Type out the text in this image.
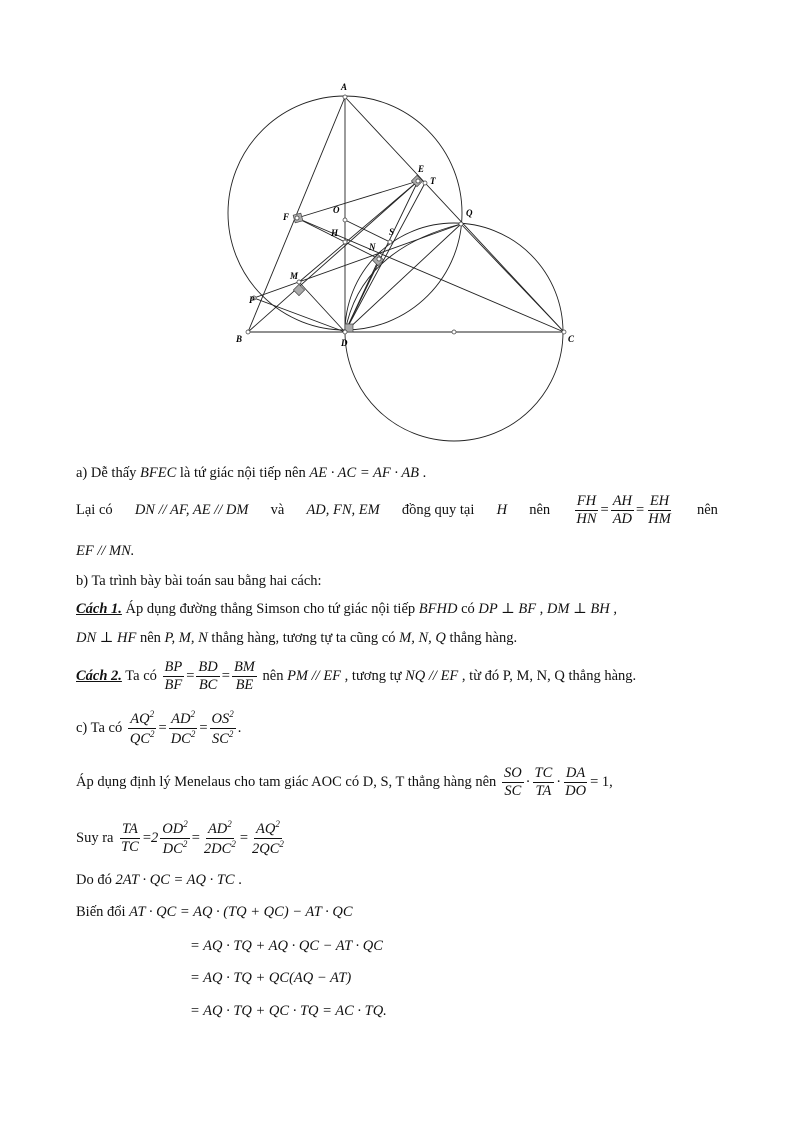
A
E
T
F
O	Q
H
N
S
M
P
B	D	C
a) Dễ thấy BFEC là tứ giác nội tiếp nên AE · AC = AF · AB .
Lại có DN // AF, AE // DM và AD, FN, EM đồng quy tại H nên $\frac{FH}{HN} = \frac{AH}{AD} = \frac{EH}{HM}$ nên
EF // MN.
b) Ta trình bày bài toán sau bằng hai cách:
Cách 1. Áp dụng đường thẳng Simson cho tứ giác nội tiếp BFHD có DP ⊥ BF , DM ⊥ BH ,
DN ⊥ HF nên P, M, N thẳng hàng, tương tự ta cũng có M, N, Q thẳng hàng.
Cách 2. Ta có $\frac{BP}{BF} = \frac{BD}{BC} = \frac{BM}{BE}$ nên PM // EF , tương tự NQ // EF , từ đó P, M, N, Q thẳng hàng.
c) Ta có $\frac{AQ^2}{QC^2} = \frac{AD^2}{DC^2} = \frac{OS^2}{SC^2}$ .
Áp dụng định lý Menelaus cho tam giác AOC có D, S, T thẳng hàng nên $\frac{SO}{SC} \cdot \frac{TC}{TA} \cdot \frac{DA}{DO} = 1$,
Suy ra $\frac{TA}{TC} = 2 \frac{OD^2}{DC^2} = \frac{AD^2}{2DC^2} = \frac{AQ^2}{2QC^2}$
Do đó 2AT · QC = AQ · TC .
Biến đổi AT · QC = AQ · (TQ + QC) − AT · QC
= AQ · TQ + AQ · QC − AT · QC
= AQ · TQ + QC(AQ − AT)
= AQ · TQ + QC · TQ = AC · TQ.
